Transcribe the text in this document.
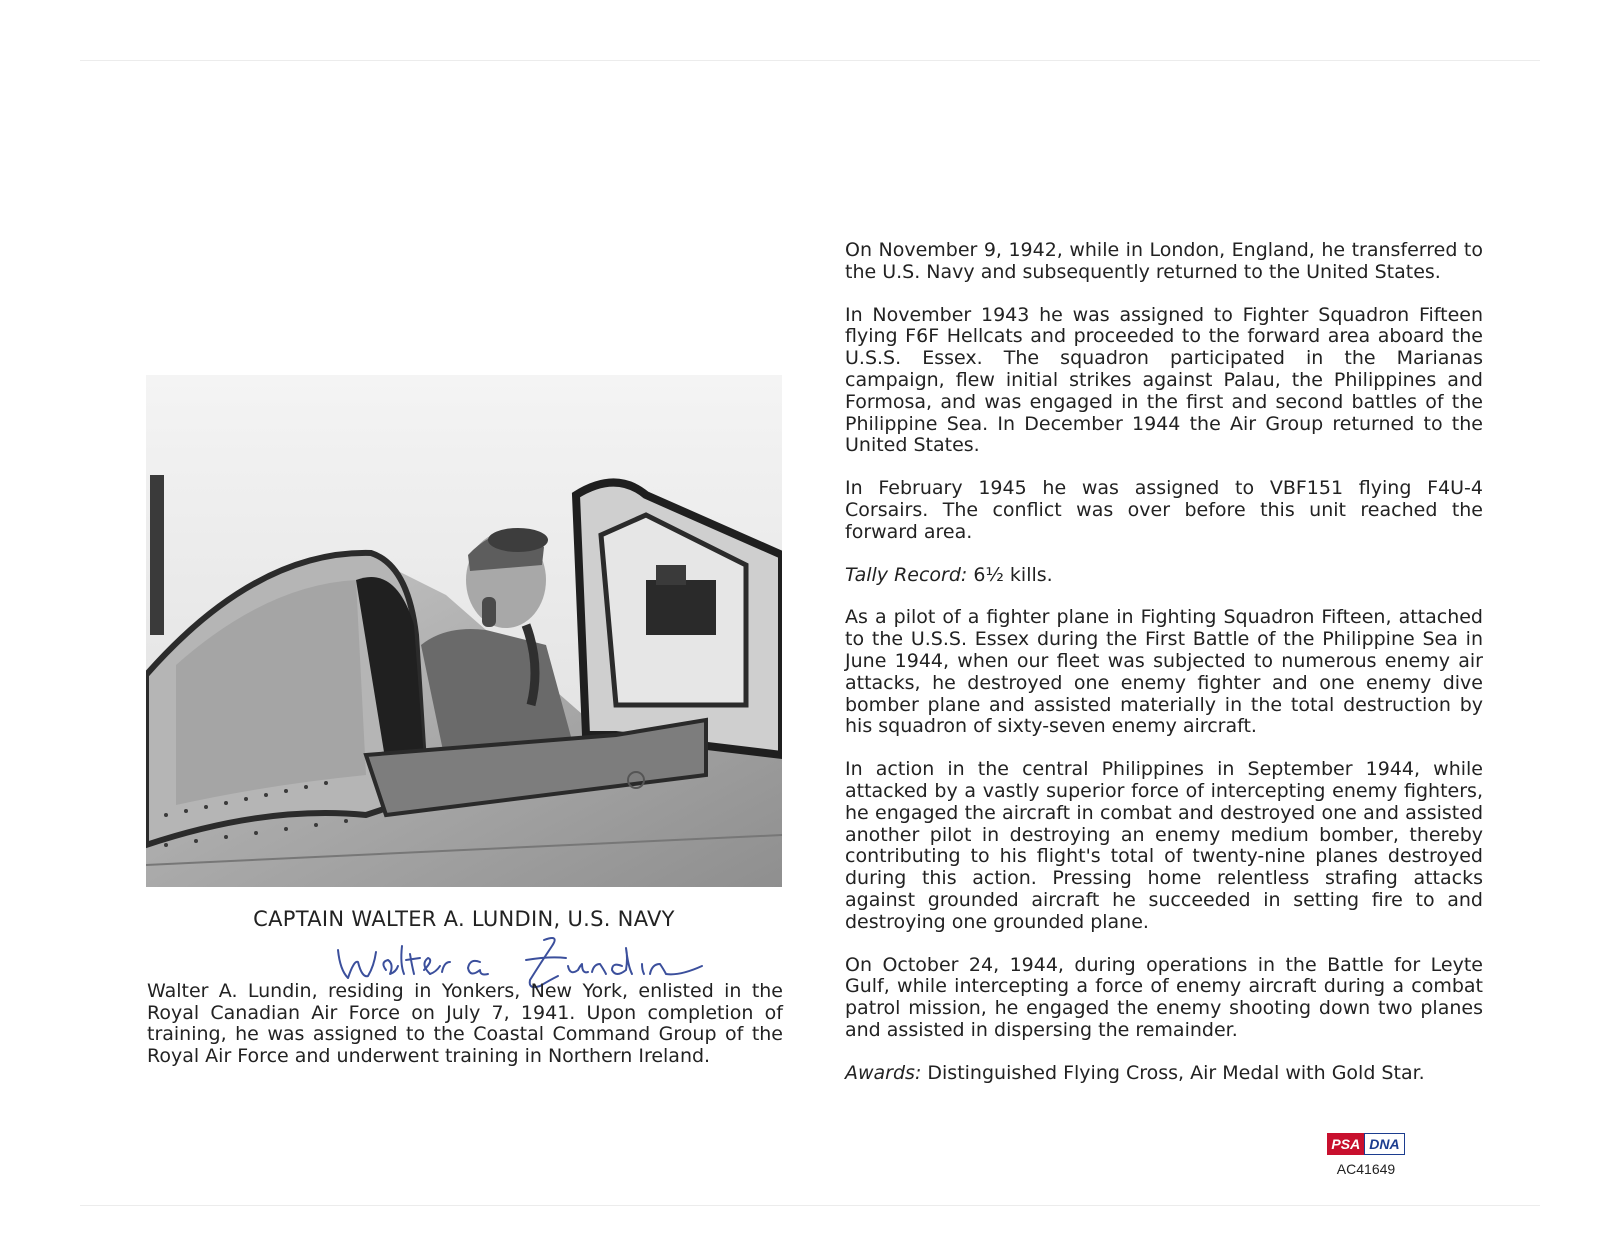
CAPTAIN WALTER A. LUNDIN, U.S. NAVY
Walter A. Lundin, residing in Yonkers, New York, enlisted in the Royal Canadian Air Force on July 7, 1941. Upon completion of training, he was assigned to the Coastal Command Group of the Royal Air Force and underwent training in Northern Ireland.

On November 9, 1942, while in London, England, he transferred to the U.S. Navy and subsequently returned to the United States.

In November 1943 he was assigned to Fighter Squadron Fifteen flying F6F Hellcats and proceeded to the forward area aboard the U.S.S. Essex. The squadron participated in the Marianas campaign, flew initial strikes against Palau, the Philippines and Formosa, and was engaged in the first and second battles of the Philippine Sea. In December 1944 the Air Group returned to the United States.

In February 1945 he was assigned to VBF151 flying F4U-4 Corsairs. The conflict was over before this unit reached the forward area.

Tally Record: 6½ kills.

As a pilot of a fighter plane in Fighting Squadron Fifteen, attached to the U.S.S. Essex during the First Battle of the Philippine Sea in June 1944, when our fleet was subjected to numerous enemy air attacks, he destroyed one enemy fighter and one enemy dive bomber plane and assisted materially in the total destruction by his squadron of sixty-seven enemy aircraft.

In action in the central Philippines in September 1944, while attacked by a vastly superior force of intercepting enemy fighters, he engaged the aircraft in combat and destroyed one and assisted another pilot in destroying an enemy medium bomber, thereby contributing to his flight's total of twenty-nine planes destroyed during this action. Pressing home relentless strafing attacks against grounded aircraft he succeeded in setting fire to and destroying one grounded plane.

On October 24, 1944, during operations in the Battle for Leyte Gulf, while intercepting a force of enemy aircraft during a combat patrol mission, he engaged the enemy shooting down two planes and assisted in dispersing the remainder.

Awards: Distinguished Flying Cross, Air Medal with Gold Star.

PSA DNA
AC41649
